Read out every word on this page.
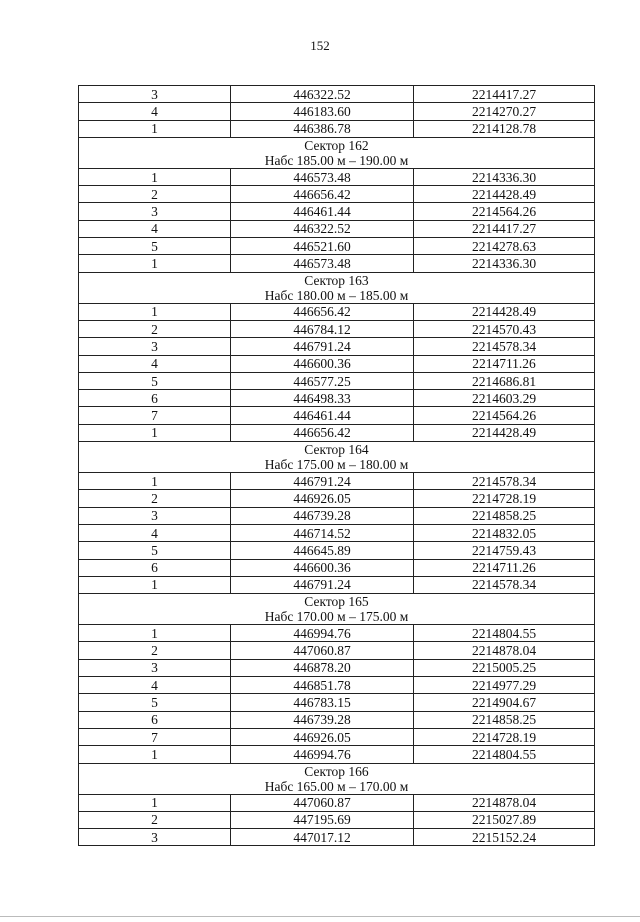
152
3	446322.52	2214417.27
4	446183.60	2214270.27
1	446386.78	2214128.78

Сектор 162
Набс 185.00 м – 190.00 м		

1	446573.48	2214336.30
2	446656.42	2214428.49
3	446461.44	2214564.26
4	446322.52	2214417.27
5	446521.60	2214278.63
1	446573.48	2214336.30

Сектор 163
Набс 180.00 м – 185.00 м		

1	446656.42	2214428.49
2	446784.12	2214570.43
3	446791.24	2214578.34
4	446600.36	2214711.26
5	446577.25	2214686.81
6	446498.33	2214603.29
7	446461.44	2214564.26
1	446656.42	2214428.49

Сектор 164
Набс 175.00 м – 180.00 м		

1	446791.24	2214578.34
2	446926.05	2214728.19
3	446739.28	2214858.25
4	446714.52	2214832.05
5	446645.89	2214759.43
6	446600.36	2214711.26
1	446791.24	2214578.34

Сектор 165
Набс 170.00 м – 175.00 м		

1	446994.76	2214804.55
2	447060.87	2214878.04
3	446878.20	2215005.25
4	446851.78	2214977.29
5	446783.15	2214904.67
6	446739.28	2214858.25
7	446926.05	2214728.19
1	446994.76	2214804.55

Сектор 166
Набс 165.00 м – 170.00 м		

1	447060.87	2214878.04
2	447195.69	2215027.89
3	447017.12	2215152.24
